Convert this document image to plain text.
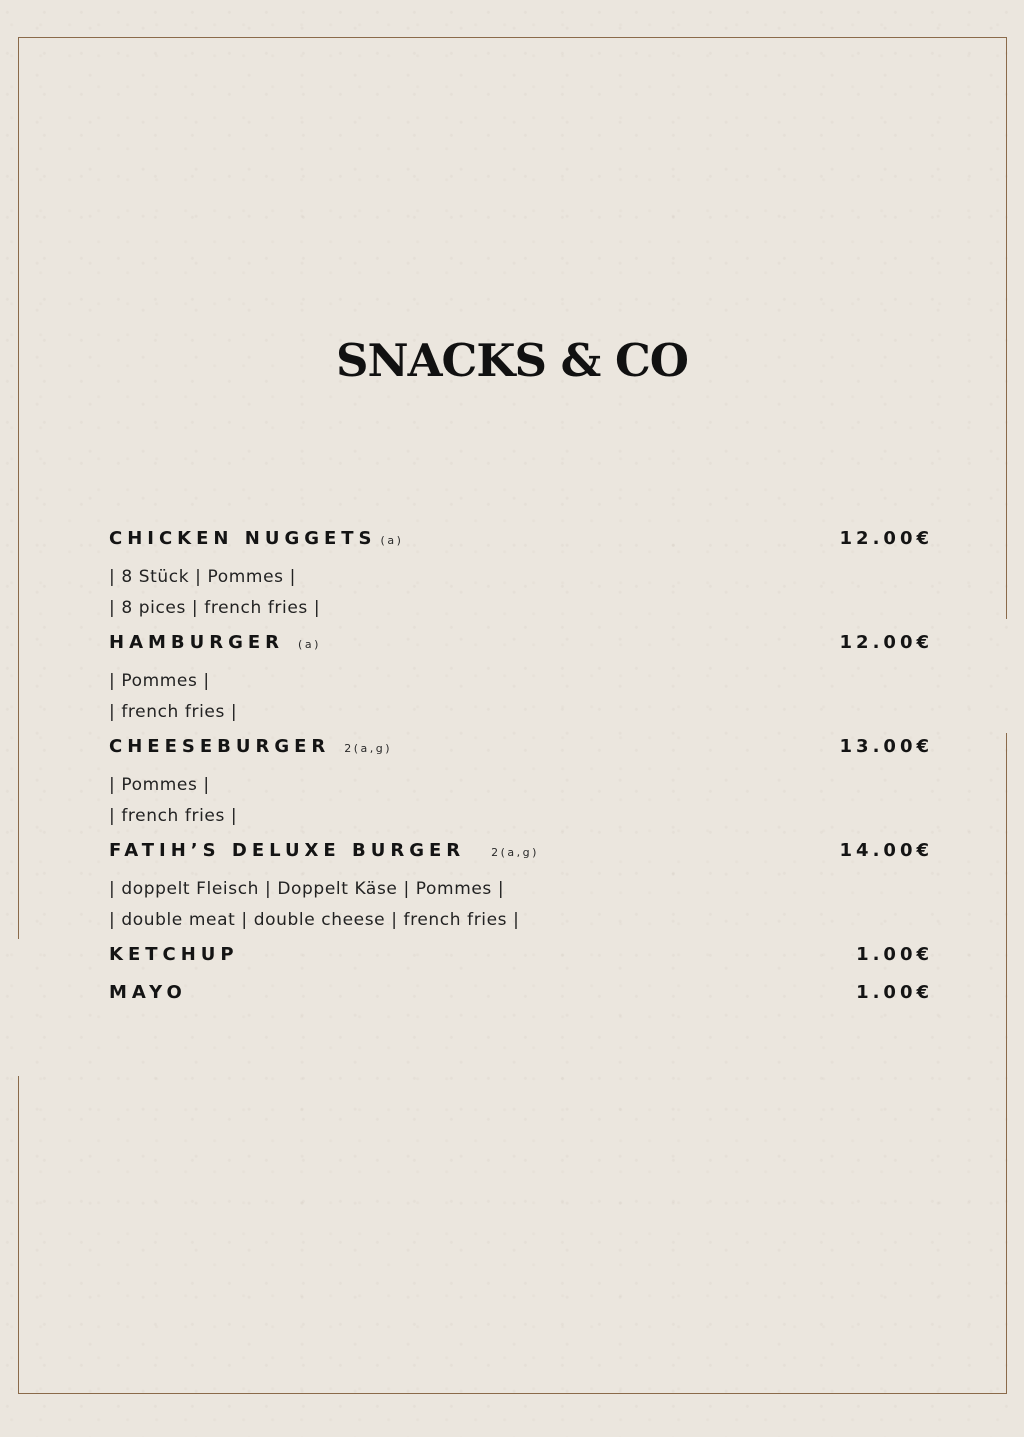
SNACKS & CO
CHICKEN NUGGETS (a)	12.00€
| 8 Stück | Pommes |
| 8 pices | french fries |
HAMBURGER (a)	12.00€
| Pommes |
| french fries |
CHEESEBURGER 2(a,g)	13.00€
| Pommes |
| french fries |
FATIH’S DELUXE BURGER 2(a,g)	14.00€
| doppelt Fleisch | Doppelt Käse | Pommes |
| double meat | double cheese | french fries |
KETCHUP	1.00€
MAYO	1.00€
